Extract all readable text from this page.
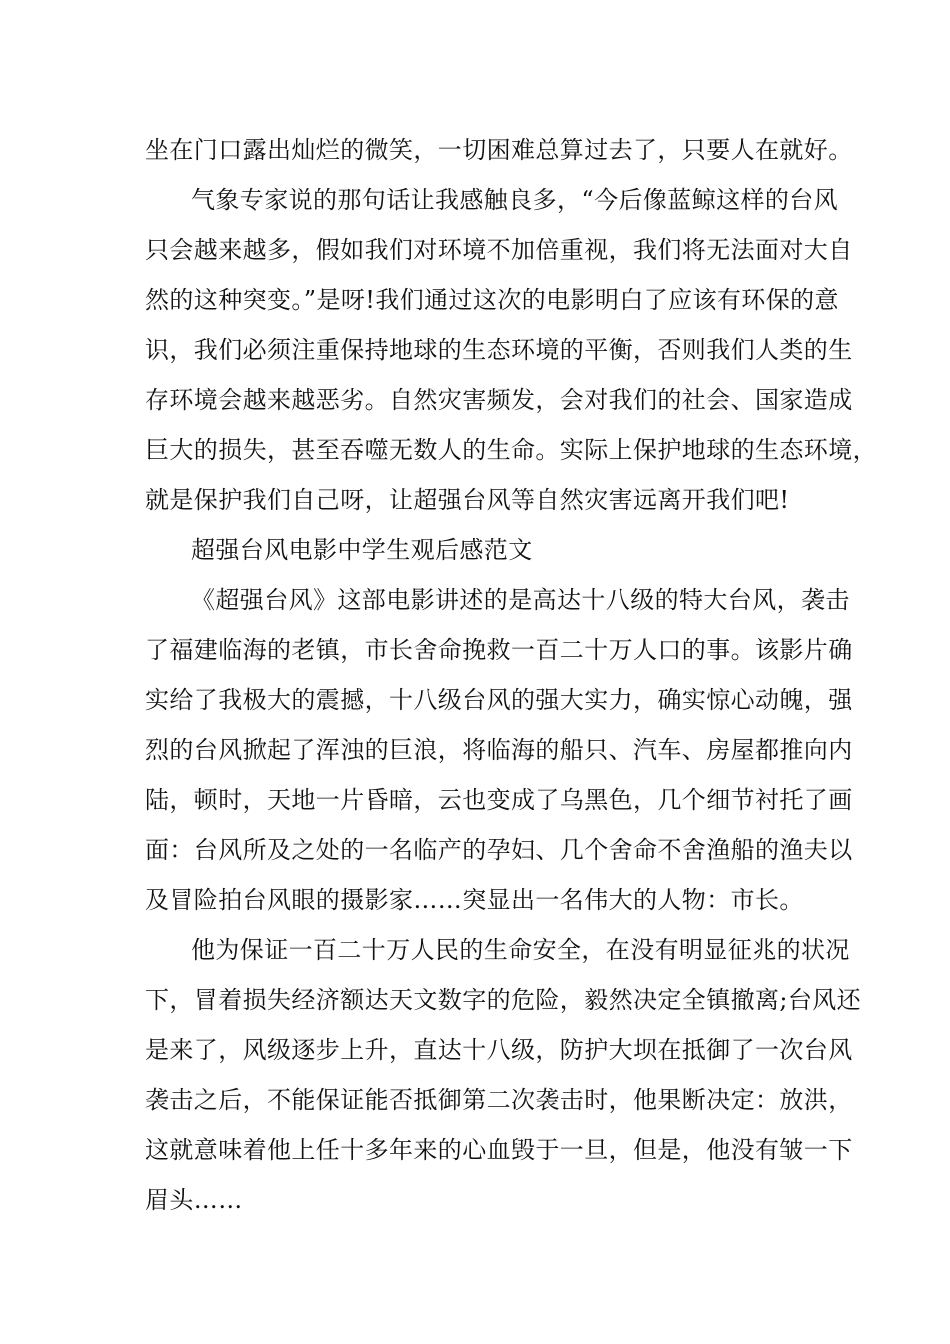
坐在门口露出灿烂的微笑，一切困难总算过去了，只要人在就好。
气象专家说的那句话让我感触良多，“今后像蓝鲸这样的台风
只会越来越多，假如我们对环境不加倍重视，我们将无法面对大自
然的这种突变。”是呀!我们通过这次的电影明白了应该有环保的意
识，我们必须注重保持地球的生态环境的平衡，否则我们人类的生
存环境会越来越恶劣。自然灾害频发，会对我们的社会、国家造成
巨大的损失，甚至吞噬无数人的生命。实际上保护地球的生态环境，
就是保护我们自己呀，让超强台风等自然灾害远离开我们吧!
超强台风电影中学生观后感范文
《超强台风》这部电影讲述的是高达十八级的特大台风，袭击
了福建临海的老镇，市长舍命挽救一百二十万人口的事。该影片确
实给了我极大的震撼，十八级台风的强大实力，确实惊心动魄，强
烈的台风掀起了浑浊的巨浪，将临海的船只、汽车、房屋都推向内
陆，顿时，天地一片昏暗，云也变成了乌黑色，几个细节衬托了画
面：台风所及之处的一名临产的孕妇、几个舍命不舍渔船的渔夫以
及冒险拍台风眼的摄影家……突显出一名伟大的人物：市长。
他为保证一百二十万人民的生命安全，在没有明显征兆的状况
下，冒着损失经济额达天文数字的危险，毅然决定全镇撤离;台风还
是来了，风级逐步上升，直达十八级，防护大坝在抵御了一次台风
袭击之后，不能保证能否抵御第二次袭击时，他果断决定：放洪，
这就意味着他上任十多年来的心血毁于一旦，但是，他没有皱一下
眉头……
